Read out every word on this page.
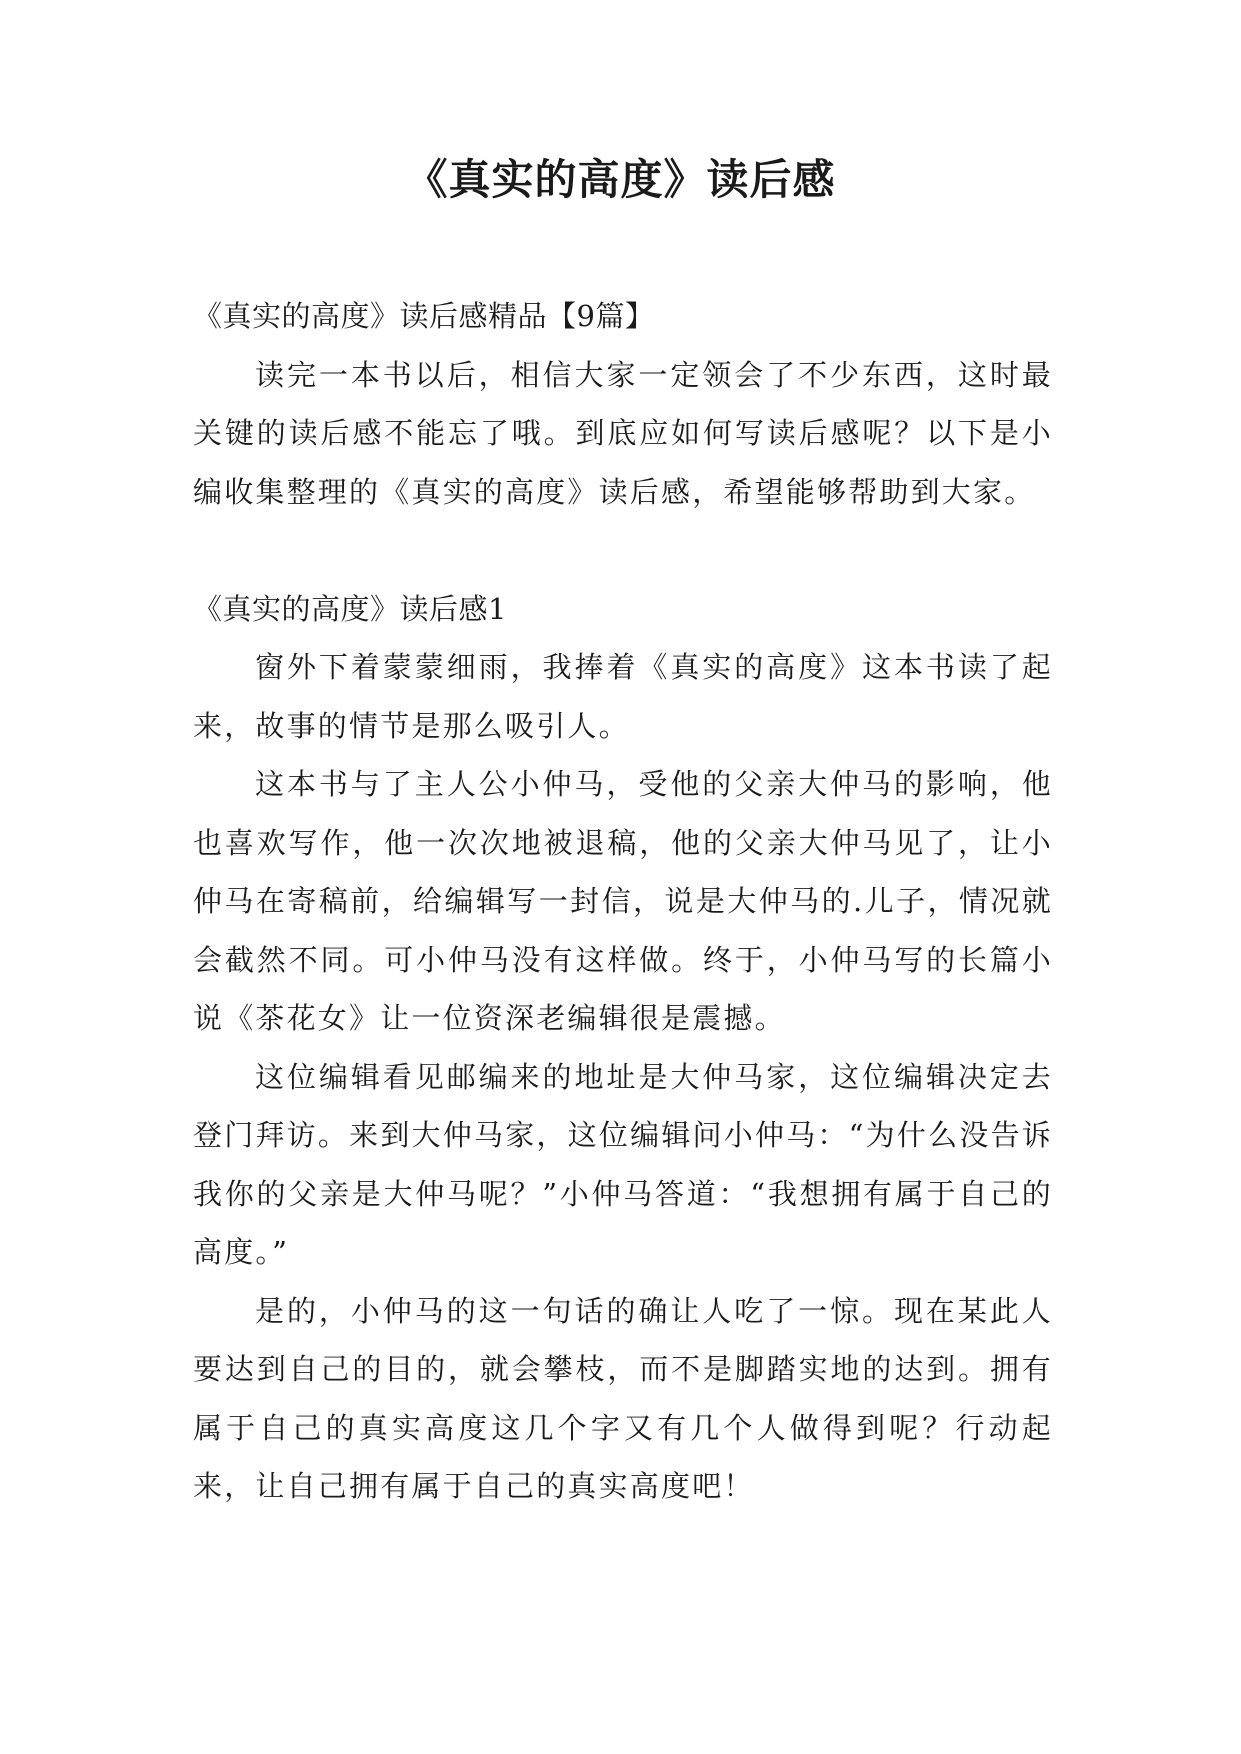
《真实的高度》读后感

《真实的高度》读后感精品【9篇】

读完一本书以后，相信大家一定领会了不少东西，这时最关键的读后感不能忘了哦。到底应如何写读后感呢？以下是小编收集整理的《真实的高度》读后感，希望能够帮助到大家。

《真实的高度》读后感1

窗外下着蒙蒙细雨，我捧着《真实的高度》这本书读了起来，故事的情节是那么吸引人。

这本书与了主人公小仲马，受他的父亲大仲马的影响，他也喜欢写作，他一次次地被退稿，他的父亲大仲马见了，让小仲马在寄稿前，给编辑写一封信，说是大仲马的.儿子，情况就会截然不同。可小仲马没有这样做。终于，小仲马写的长篇小说《茶花女》让一位资深老编辑很是震撼。

这位编辑看见邮编来的地址是大仲马家，这位编辑决定去登门拜访。来到大仲马家，这位编辑问小仲马：“为什么没告诉我你的父亲是大仲马呢？”小仲马答道：“我想拥有属于自己的高度。”

是的，小仲马的这一句话的确让人吃了一惊。现在某此人要达到自己的目的，就会攀枝，而不是脚踏实地的达到。拥有属于自己的真实高度这几个字又有几个人做得到呢？行动起来，让自己拥有属于自己的真实高度吧！
